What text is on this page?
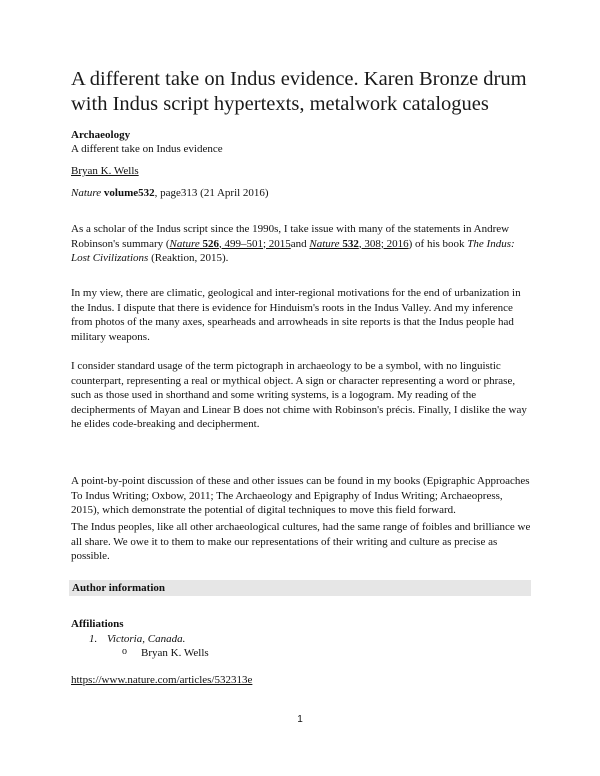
A different take on Indus evidence. Karen Bronze drum with Indus script hypertexts, metalwork catalogues
Archaeology
A different take on Indus evidence
Bryan K. Wells
Nature volume532, page313 (21 April 2016)

As a scholar of the Indus script since the 1990s, I take issue with many of the statements in Andrew Robinson's summary (Nature 526, 499–501; 2015and Nature 532, 308; 2016) of his book The Indus: Lost Civilizations (Reaktion, 2015).

In my view, there are climatic, geological and inter-regional motivations for the end of urbanization in the Indus. I dispute that there is evidence for Hinduism's roots in the Indus Valley. And my inference from photos of the many axes, spearheads and arrowheads in site reports is that the Indus people had military weapons.

I consider standard usage of the term pictograph in archaeology to be a symbol, with no linguistic counterpart, representing a real or mythical object. A sign or character representing a word or phrase, such as those used in shorthand and some writing systems, is a logogram. My reading of the decipherments of Mayan and Linear B does not chime with Robinson's précis. Finally, I dislike the way he elides code-breaking and decipherment.

A point-by-point discussion of these and other issues can be found in my books (Epigraphic Approaches To Indus Writing; Oxbow, 2011; The Archaeology and Epigraphy of Indus Writing; Archaeopress, 2015), which demonstrate the potential of digital techniques to move this field forward.

The Indus peoples, like all other archaeological cultures, had the same range of foibles and brilliance we all share. We owe it to them to make our representations of their writing and culture as precise as possible.

Author information
Affiliations
1. Victoria, Canada.
o Bryan K. Wells
https://www.nature.com/articles/532313e
1
